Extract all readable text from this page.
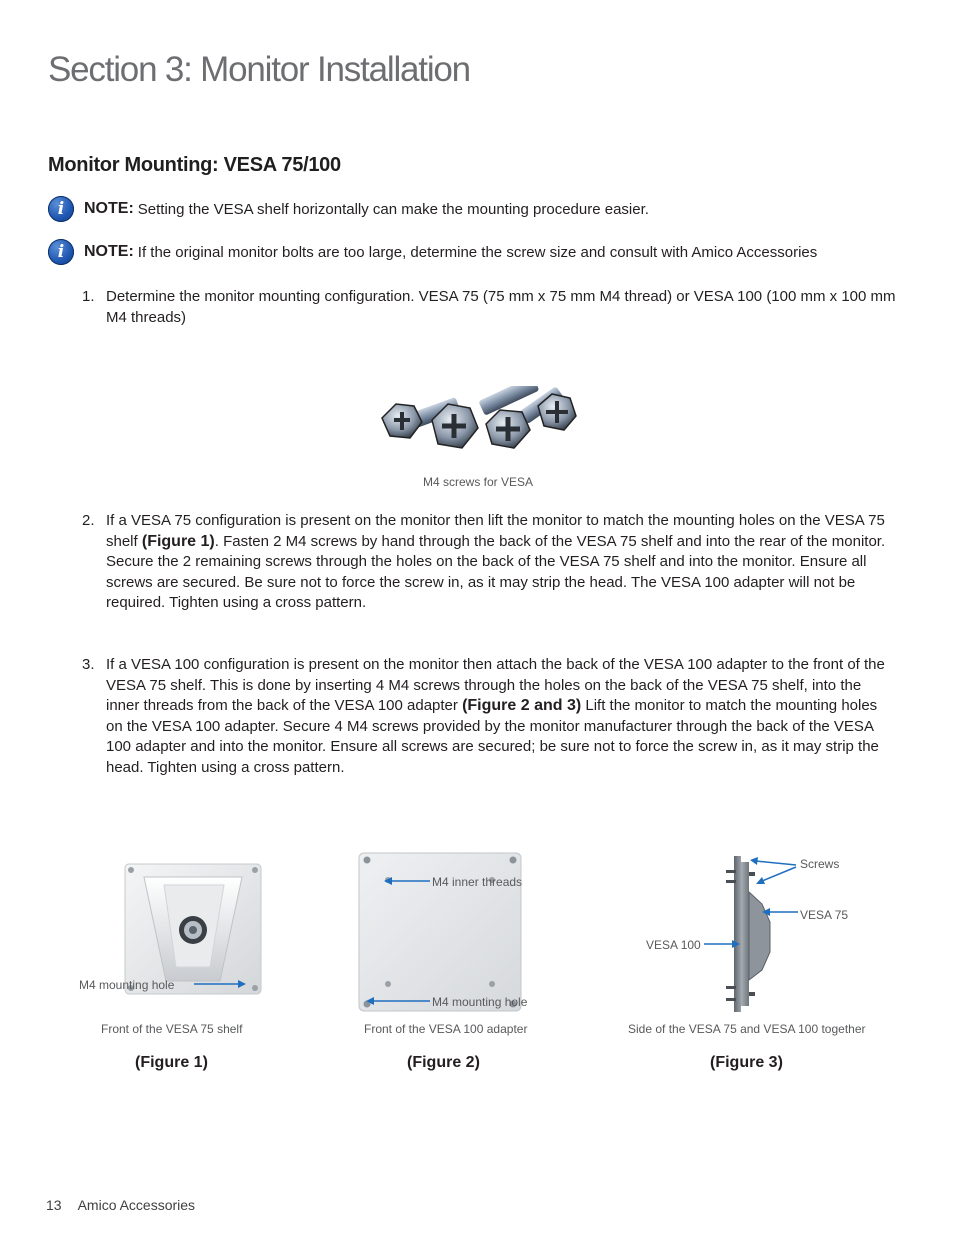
Section 3: Monitor Installation
Monitor Mounting: VESA 75/100
i	NOTE: Setting the VESA shelf horizontally can make the mounting procedure easier.
i	NOTE: If the original monitor bolts are too large, determine the screw size and consult with Amico Accessories
1. Determine the monitor mounting configuration. VESA 75 (75 mm x 75 mm M4 thread) or VESA 100 (100 mm x 100 mm M4 threads)
M4 screws for VESA
2. If a VESA 75 configuration is present on the monitor then lift the monitor to match the mounting holes on the VESA 75 shelf (Figure 1). Fasten 2 M4 screws by hand through the back of the VESA 75 shelf and into the rear of the monitor. Secure the 2 remaining screws through the holes on the back of the VESA 75 shelf and into the monitor. Ensure all screws are secured. Be sure not to force the screw in, as it may strip the head. The VESA 100 adapter will not be required. Tighten using a cross pattern.
3. If a VESA 100 configuration is present on the monitor then attach the back of the VESA 100 adapter to the front of the VESA 75 shelf. This is done by inserting 4 M4 screws through the holes on the back of the VESA 75 shelf, into the inner threads from the back of the VESA 100 adapter (Figure 2 and 3) Lift the monitor to match the mounting holes on the VESA 100 adapter. Secure 4 M4 screws provided by the monitor manufacturer through the back of the VESA 100 adapter and into the monitor. Ensure all screws are secured; be sure not to force the screw in, as it may strip the head. Tighten using a cross pattern.
M4 mounting hole
Front of the VESA 75 shelf
(Figure 1)
M4 inner threads
M4 mounting hole
Front of the VESA 100 adapter
(Figure 2)
Screws
VESA 75
VESA 100
Side of the VESA 75 and VESA 100 together
(Figure 3)
13 Amico Accessories
